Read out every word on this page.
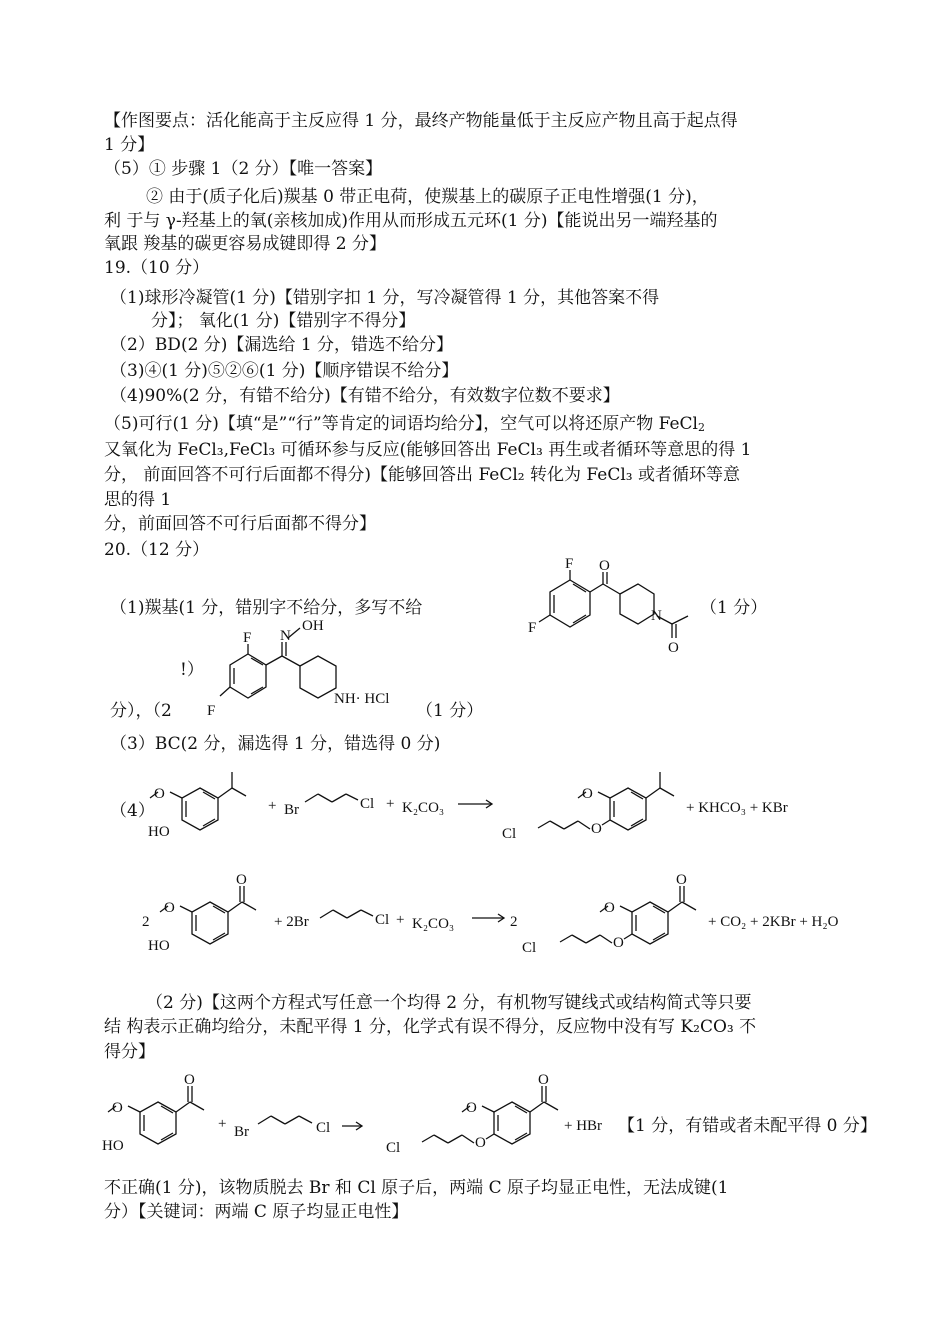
【作图要点：活化能高于主反应得 1 分，最终产物能量低于主反应产物且高于起点得
1 分】
（5）① 步骤 1（2 分）【唯一答案】
② 由于(质子化后)羰基 0 带正电荷，使羰基上的碳原子正电性增强(1 分)，
利 于与 γ-羟基上的氧(亲核加成)作用从而形成五元环(1 分)【能说出另一端羟基的
氧跟 羧基的碳更容易成键即得 2 分】
19.（10 分）
（1)球形冷凝管(1 分)【错别字扣 1 分，写冷凝管得 1 分，其他答案不得
分】； 氧化(1 分)【错别字不得分】
（2）BD(2 分)【漏选给 1 分，错选不给分】
（3)④(1 分)⑤②⑥(1 分)【顺序错误不给分】
（4)90%(2 分，有错不给分)【有错不给分，有效数字位数不要求】
（5)可行(1 分)【填“是”“行”等肯定的词语均给分】，空气可以将还原产物 FeCl$_2$
又氧化为 FeCl₃,FeCl₃ 可循环参与反应(能够回答出 FeCl₃ 再生或者循环等意思的得 1
分， 前面回答不可行后面都不得分)【能够回答出 FeCl₂ 转化为 FeCl₃ 或者循环等意
思的得 1
分，前面回答不可行后面都不得分】
20.（12 分）
（1)羰基(1 分，错别字不给分，多写不给	（1 分）
!）
分），（2	（1 分）
（3）BC(2 分，漏选得 1 分，错选得 0 分)
（4）
（2 分)【这两个方程式写任意一个均得 2 分，有机物写键线式或结构简式等只要
结 构表示正确均给分，未配平得 1 分，化学式有误不得分，反应物中没有写 K₂CO₃ 不
得分】
【1 分，有错或者未配平得 0 分】
不正确(1 分)，该物质脱去 Br 和 Cl 原子后，两端 C 原子均显正电性，无法成键(1
分）【关键词：两端 C 原子均显正电性】
F
F
O
N
O
F
F
N
OH
NH· HCl
O
HO
+ Br	Cl + K₂CO₃
O
O
Cl
+ KHCO₃ + KBr
2
O
O
HO
+ 2Br	Cl + K₂CO₃	2
O
O
O
Cl
+ CO₂ + 2KBr + H₂O
O
O
HO
+ Br	Cl
O
O
O
Cl
+ HBr
